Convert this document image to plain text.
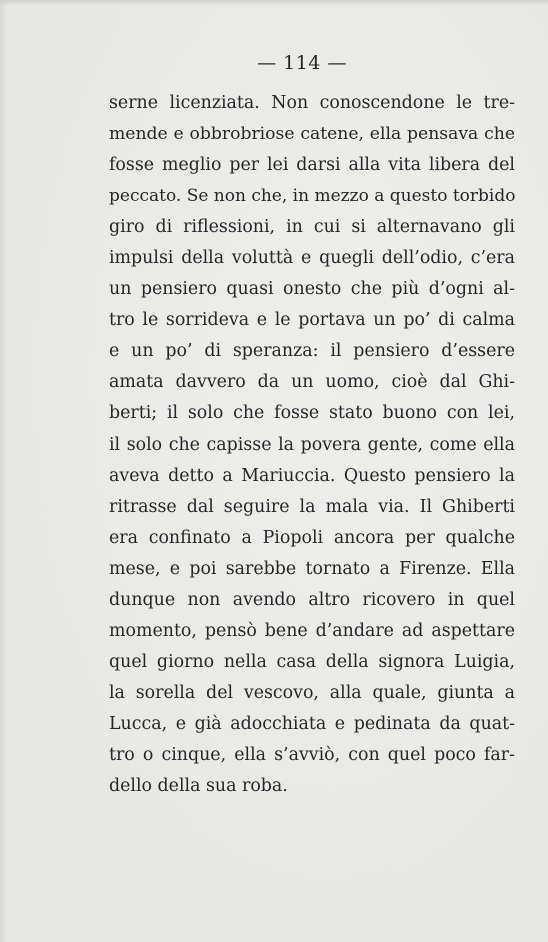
— 114 —
serne licenziata. Non conoscendone le tre-
mende e obbrobriose catene, ella pensava che
fosse meglio per lei darsi alla vita libera del
peccato. Se non che, in mezzo a questo torbido
giro di riflessioni, in cui si alternavano gli
impulsi della voluttà e quegli dell’odio, c’era
un pensiero quasi onesto che più d’ogni al-
tro le sorrideva e le portava un po’ di calma
e un po’ di speranza: il pensiero d’essere
amata davvero da un uomo, cioè dal Ghi-
berti; il solo che fosse stato buono con lei,
il solo che capisse la povera gente, come ella
aveva detto a Mariuccia. Questo pensiero la
ritrasse dal seguire la mala via. Il Ghiberti
era confinato a Piopoli ancora per qualche
mese, e poi sarebbe tornato a Firenze. Ella
dunque non avendo altro ricovero in quel
momento, pensò bene d’andare ad aspettare
quel giorno nella casa della signora Luigia,
la sorella del vescovo, alla quale, giunta a
Lucca, e già adocchiata e pedinata da quat-
tro o cinque, ella s’avviò, con quel poco far-
dello della sua roba.
